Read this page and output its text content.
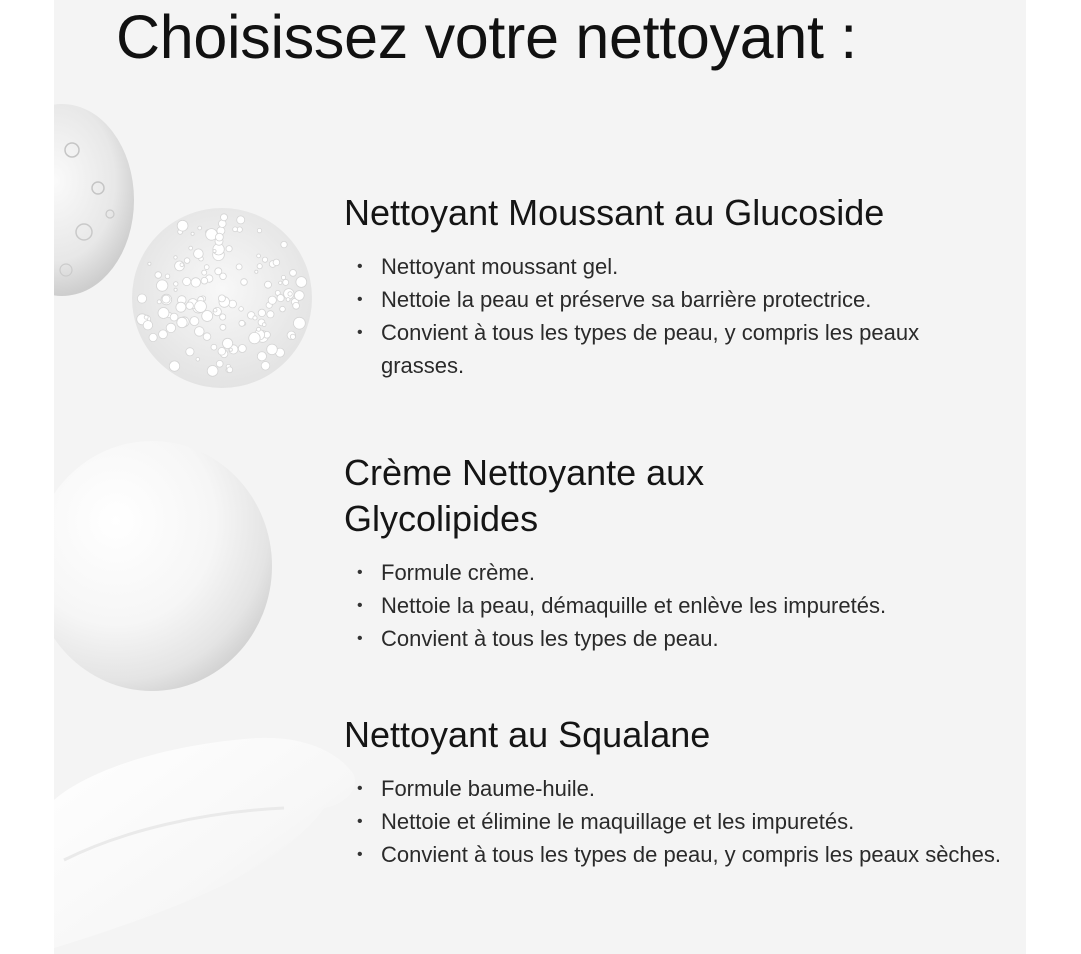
Choisissez votre nettoyant :
Nettoyant Moussant au Glucoside
• Nettoyant moussant gel.
• Nettoie la peau et préserve sa barrière protectrice.
• Convient à tous les types de peau, y compris les peaux grasses.
Crème Nettoyante aux Glycolipides
• Formule crème.
• Nettoie la peau, démaquille et enlève les impuretés.
• Convient à tous les types de peau.
Nettoyant au Squalane
• Formule baume-huile.
• Nettoie et élimine le maquillage et les impuretés.
• Convient à tous les types de peau, y compris les peaux sèches.
